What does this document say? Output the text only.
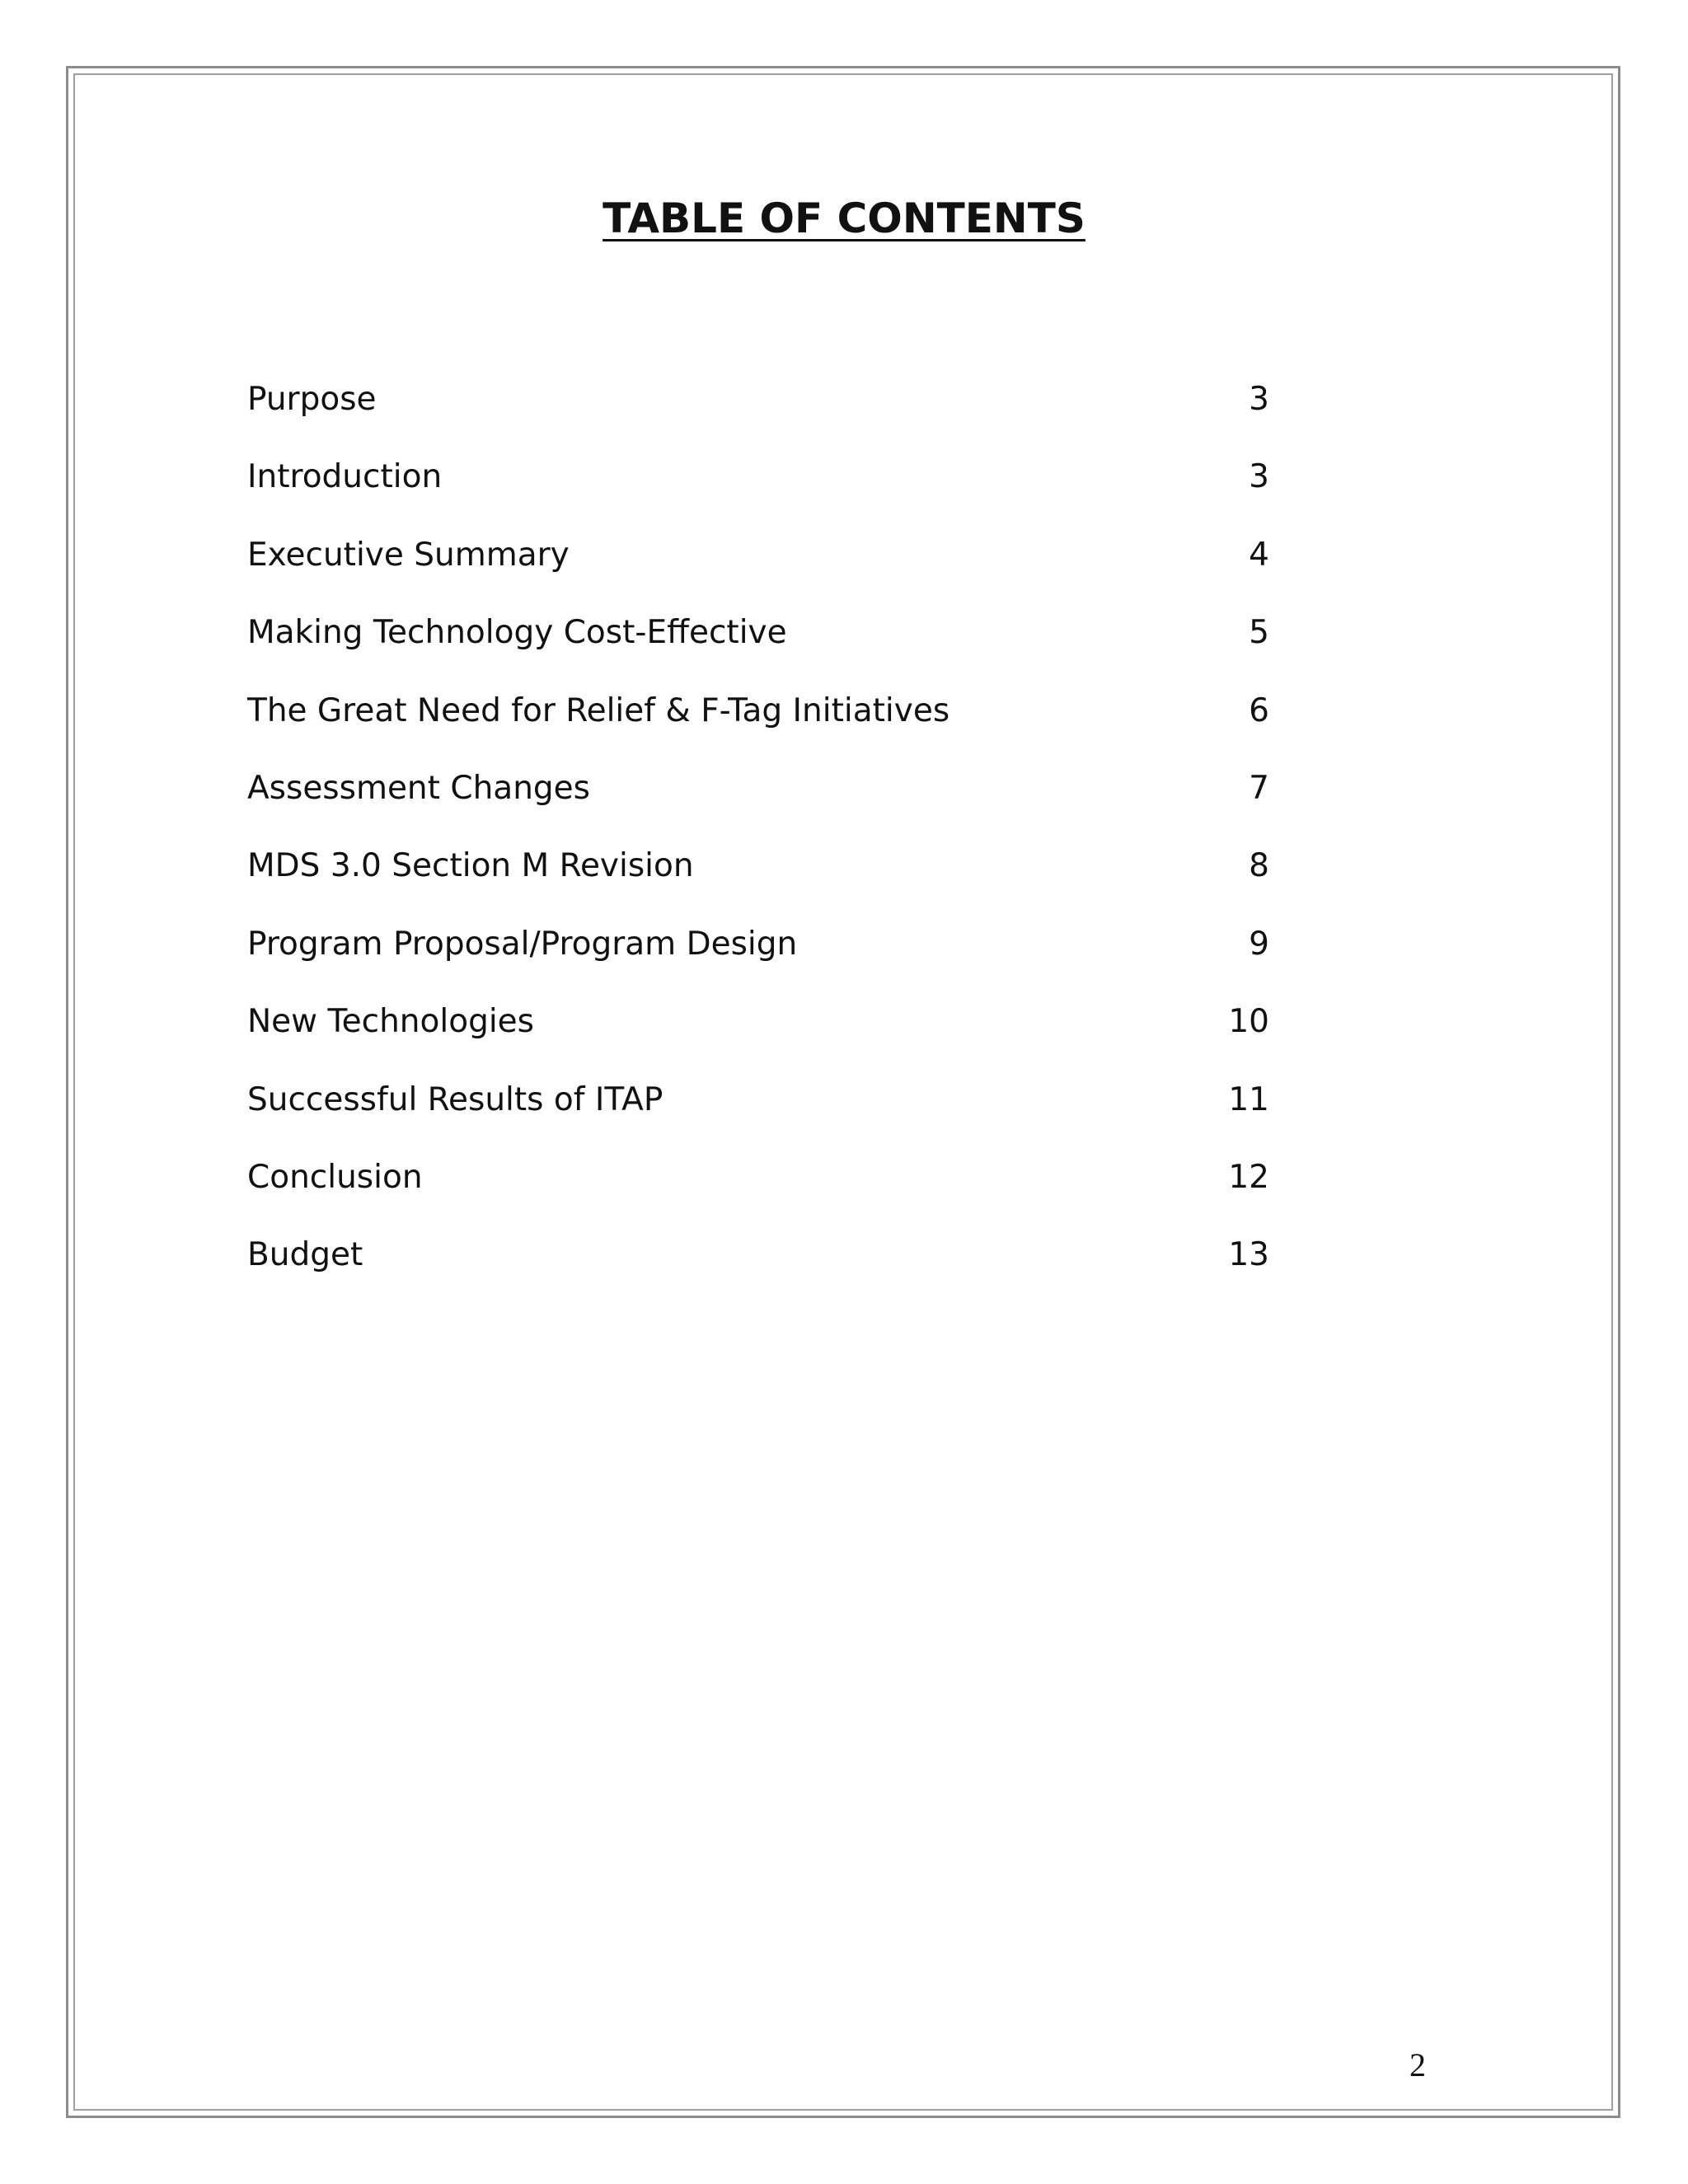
TABLE OF CONTENTS
Purpose	3
Introduction	3
Executive Summary	4
Making Technology Cost-Effective	5
The Great Need for Relief & F-Tag Initiatives	6
Assessment Changes	7
MDS 3.0 Section M Revision	8
Program Proposal/Program Design	9
New Technologies	10
Successful Results of ITAP	11
Conclusion	12
Budget	13
2
